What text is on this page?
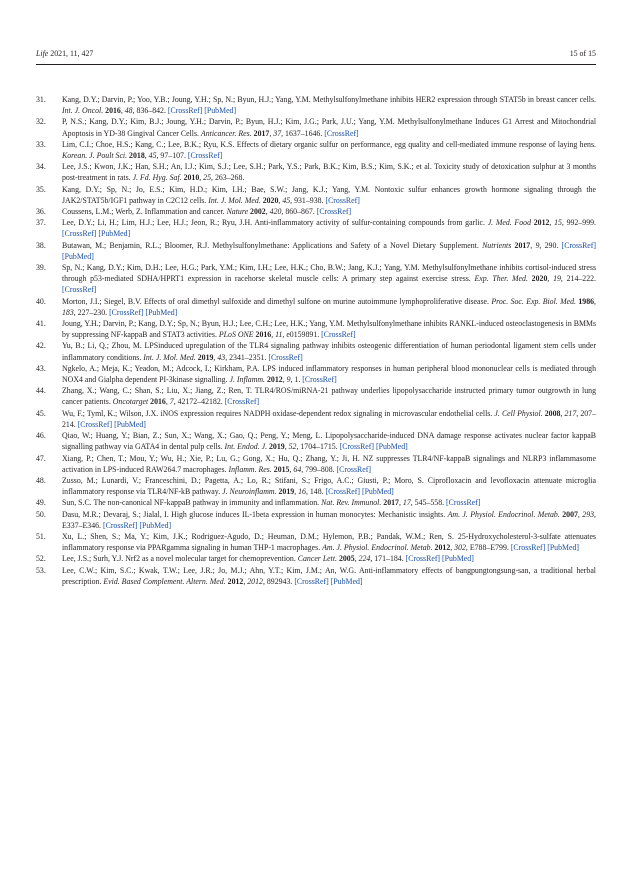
Life 2021, 11, 427	15 of 15
31.	Kang, D.Y.; Darvin, P.; Yoo, Y.B.; Joung, Y.H.; Sp, N.; Byun, H.J.; Yang, Y.M. Methylsulfonylmethane inhibits HER2 expression through STAT5b in breast cancer cells. Int. J. Oncol. 2016, 48, 836–842. [CrossRef] [PubMed]
32.	P, N.S.; Kang, D.Y.; Kim, B.J.; Joung, Y.H.; Darvin, P.; Byun, H.J.; Kim, J.G.; Park, J.U.; Yang, Y.M. Methylsulfonylmethane Induces G1 Arrest and Mitochondrial Apoptosis in YD-38 Gingival Cancer Cells. Anticancer. Res. 2017, 37, 1637–1646. [CrossRef]
33.	Lim, C.I.; Choe, H.S.; Kang, C.; Lee, B.K.; Ryu, K.S. Effects of dietary organic sulfur on performance, egg quality and cell-mediated immune response of laying hens. Korean. J. Poult Sci. 2018, 45, 97–107. [CrossRef]
34.	Lee, J.S.; Kwon, J.K.; Han, S.H.; An, I.J.; Kim, S.J.; Lee, S.H.; Park, Y.S.; Park, B.K.; Kim, B.S.; Kim, S.K.; et al. Toxicity study of detoxication sulphur at 3 months post-treatment in rats. J. Fd. Hyg. Saf. 2010, 25, 263–268.
35.	Kang, D.Y.; Sp, N.; Jo, E.S.; Kim, H.D.; Kim, I.H.; Bae, S.W.; Jang, K.J.; Yang, Y.M. Nontoxic sulfur enhances growth hormone signaling through the JAK2/STAT5b/IGF1 pathway in C2C12 cells. Int. J. Mol. Med. 2020, 45, 931–938. [CrossRef]
36.	Coussens, L.M.; Werb, Z. Inflammation and cancer. Nature 2002, 420, 860–867. [CrossRef]
37.	Lee, D.Y.; Li, H.; Lim, H.J.; Lee, H.J.; Jeon, R.; Ryu, J.H. Anti-inflammatory activity of sulfur-containing compounds from garlic. J. Med. Food 2012, 15, 992–999. [CrossRef] [PubMed]
38.	Butawan, M.; Benjamin, R.L.; Bloomer, R.J. Methylsulfonylmethane: Applications and Safety of a Novel Dietary Supplement. Nutrients 2017, 9, 290. [CrossRef] [PubMed]
39.	Sp, N.; Kang, D.Y.; Kim, D.H.; Lee, H.G.; Park, Y.M.; Kim, I.H.; Lee, H.K.; Cho, B.W.; Jang, K.J.; Yang, Y.M. Methylsulfonylmethane inhibits cortisol-induced stress through p53-mediated SDHA/HPRT1 expression in racehorse skeletal muscle cells: A primary step against exercise stress. Exp. Ther. Med. 2020, 19, 214–222. [CrossRef]
40.	Morton, J.I.; Siegel, B.V. Effects of oral dimethyl sulfoxide and dimethyl sulfone on murine autoimmune lymphoproliferative disease. Proc. Soc. Exp. Biol. Med. 1986, 183, 227–230. [CrossRef] [PubMed]
41.	Joung, Y.H.; Darvin, P.; Kang, D.Y.; Sp, N.; Byun, H.J.; Lee, C.H.; Lee, H.K.; Yang, Y.M. Methylsulfonylmethane inhibits RANKL-induced osteoclastogenesis in BMMs by suppressing NF-kappaB and STAT3 activities. PLoS ONE 2016, 11, e0159891. [CrossRef]
42.	Yu, B.; Li, Q.; Zhou, M. LPSinduced upregulation of the TLR4 signaling pathway inhibits osteogenic differentiation of human periodontal ligament stem cells under inflammatory conditions. Int. J. Mol. Med. 2019, 43, 2341–2351. [CrossRef]
43.	Ngkelo, A.; Meja, K.; Yeadon, M.; Adcock, I.; Kirkham, P.A. LPS induced inflammatory responses in human peripheral blood mononuclear cells is mediated through NOX4 and Gialpha dependent PI-3kinase signalling. J. Inflamm. 2012, 9, 1. [CrossRef]
44.	Zhang, X.; Wang, C.; Shan, S.; Liu, X.; Jiang, Z.; Ren, T. TLR4/ROS/miRNA-21 pathway underlies lipopolysaccharide instructed primary tumor outgrowth in lung cancer patients. Oncotarget 2016, 7, 42172–42182. [CrossRef]
45.	Wu, F.; Tyml, K.; Wilson, J.X. iNOS expression requires NADPH oxidase-dependent redox signaling in microvascular endothelial cells. J. Cell Physiol. 2008, 217, 207–214. [CrossRef] [PubMed]
46.	Qiao, W.; Huang, Y.; Bian, Z.; Sun, X.; Wang, X.; Gao, Q.; Peng, Y.; Meng, L. Lipopolysaccharide-induced DNA damage response activates nuclear factor kappaB signalling pathway via GATA4 in dental pulp cells. Int. Endod. J. 2019, 52, 1704–1715. [CrossRef] [PubMed]
47.	Xiang, P.; Chen, T.; Mou, Y.; Wu, H.; Xie, P.; Lu, G.; Gong, X.; Hu, Q.; Zhang, Y.; Ji, H. NZ suppresses TLR4/NF-kappaB signalings and NLRP3 inflammasome activation in LPS-induced RAW264.7 macrophages. Inflamm. Res. 2015, 64, 799–808. [CrossRef]
48.	Zusso, M.; Lunardi, V.; Franceschini, D.; Pagetta, A.; Lo, R.; Stifani, S.; Frigo, A.C.; Giusti, P.; Moro, S. Ciprofloxacin and levofloxacin attenuate microglia inflammatory response via TLR4/NF-kB pathway. J. Neuroinflamm. 2019, 16, 148. [CrossRef] [PubMed]
49.	Sun, S.C. The non-canonical NF-kappaB pathway in immunity and inflammation. Nat. Rev. Immunol. 2017, 17, 545–558. [CrossRef]
50.	Dasu, M.R.; Devaraj, S.; Jialal, I. High glucose induces IL-1beta expression in human monocytes: Mechanistic insights. Am. J. Physiol. Endocrinol. Metab. 2007, 293, E337–E346. [CrossRef] [PubMed]
51.	Xu, L.; Shen, S.; Ma, Y.; Kim, J.K.; Rodriguez-Agudo, D.; Heuman, D.M.; Hylemon, P.B.; Pandak, W.M.; Ren, S. 25-Hydroxycholesterol-3-sulfate attenuates inflammatory response via PPARgamma signaling in human THP-1 macrophages. Am. J. Physiol. Endocrinol. Metab. 2012, 302, E788–E799. [CrossRef] [PubMed]
52.	Lee, J.S.; Surh, Y.J. Nrf2 as a novel molecular target for chemoprevention. Cancer Lett. 2005, 224, 171–184. [CrossRef] [PubMed]
53.	Lee, C.W.; Kim, S.C.; Kwak, T.W.; Lee, J.R.; Jo, M.J.; Ahn, Y.T.; Kim, J.M.; An, W.G. Anti-inflammatory effects of bangpungtongsung-san, a traditional herbal prescription. Evid. Based Complement. Altern. Med. 2012, 2012, 892943. [CrossRef] [PubMed]
